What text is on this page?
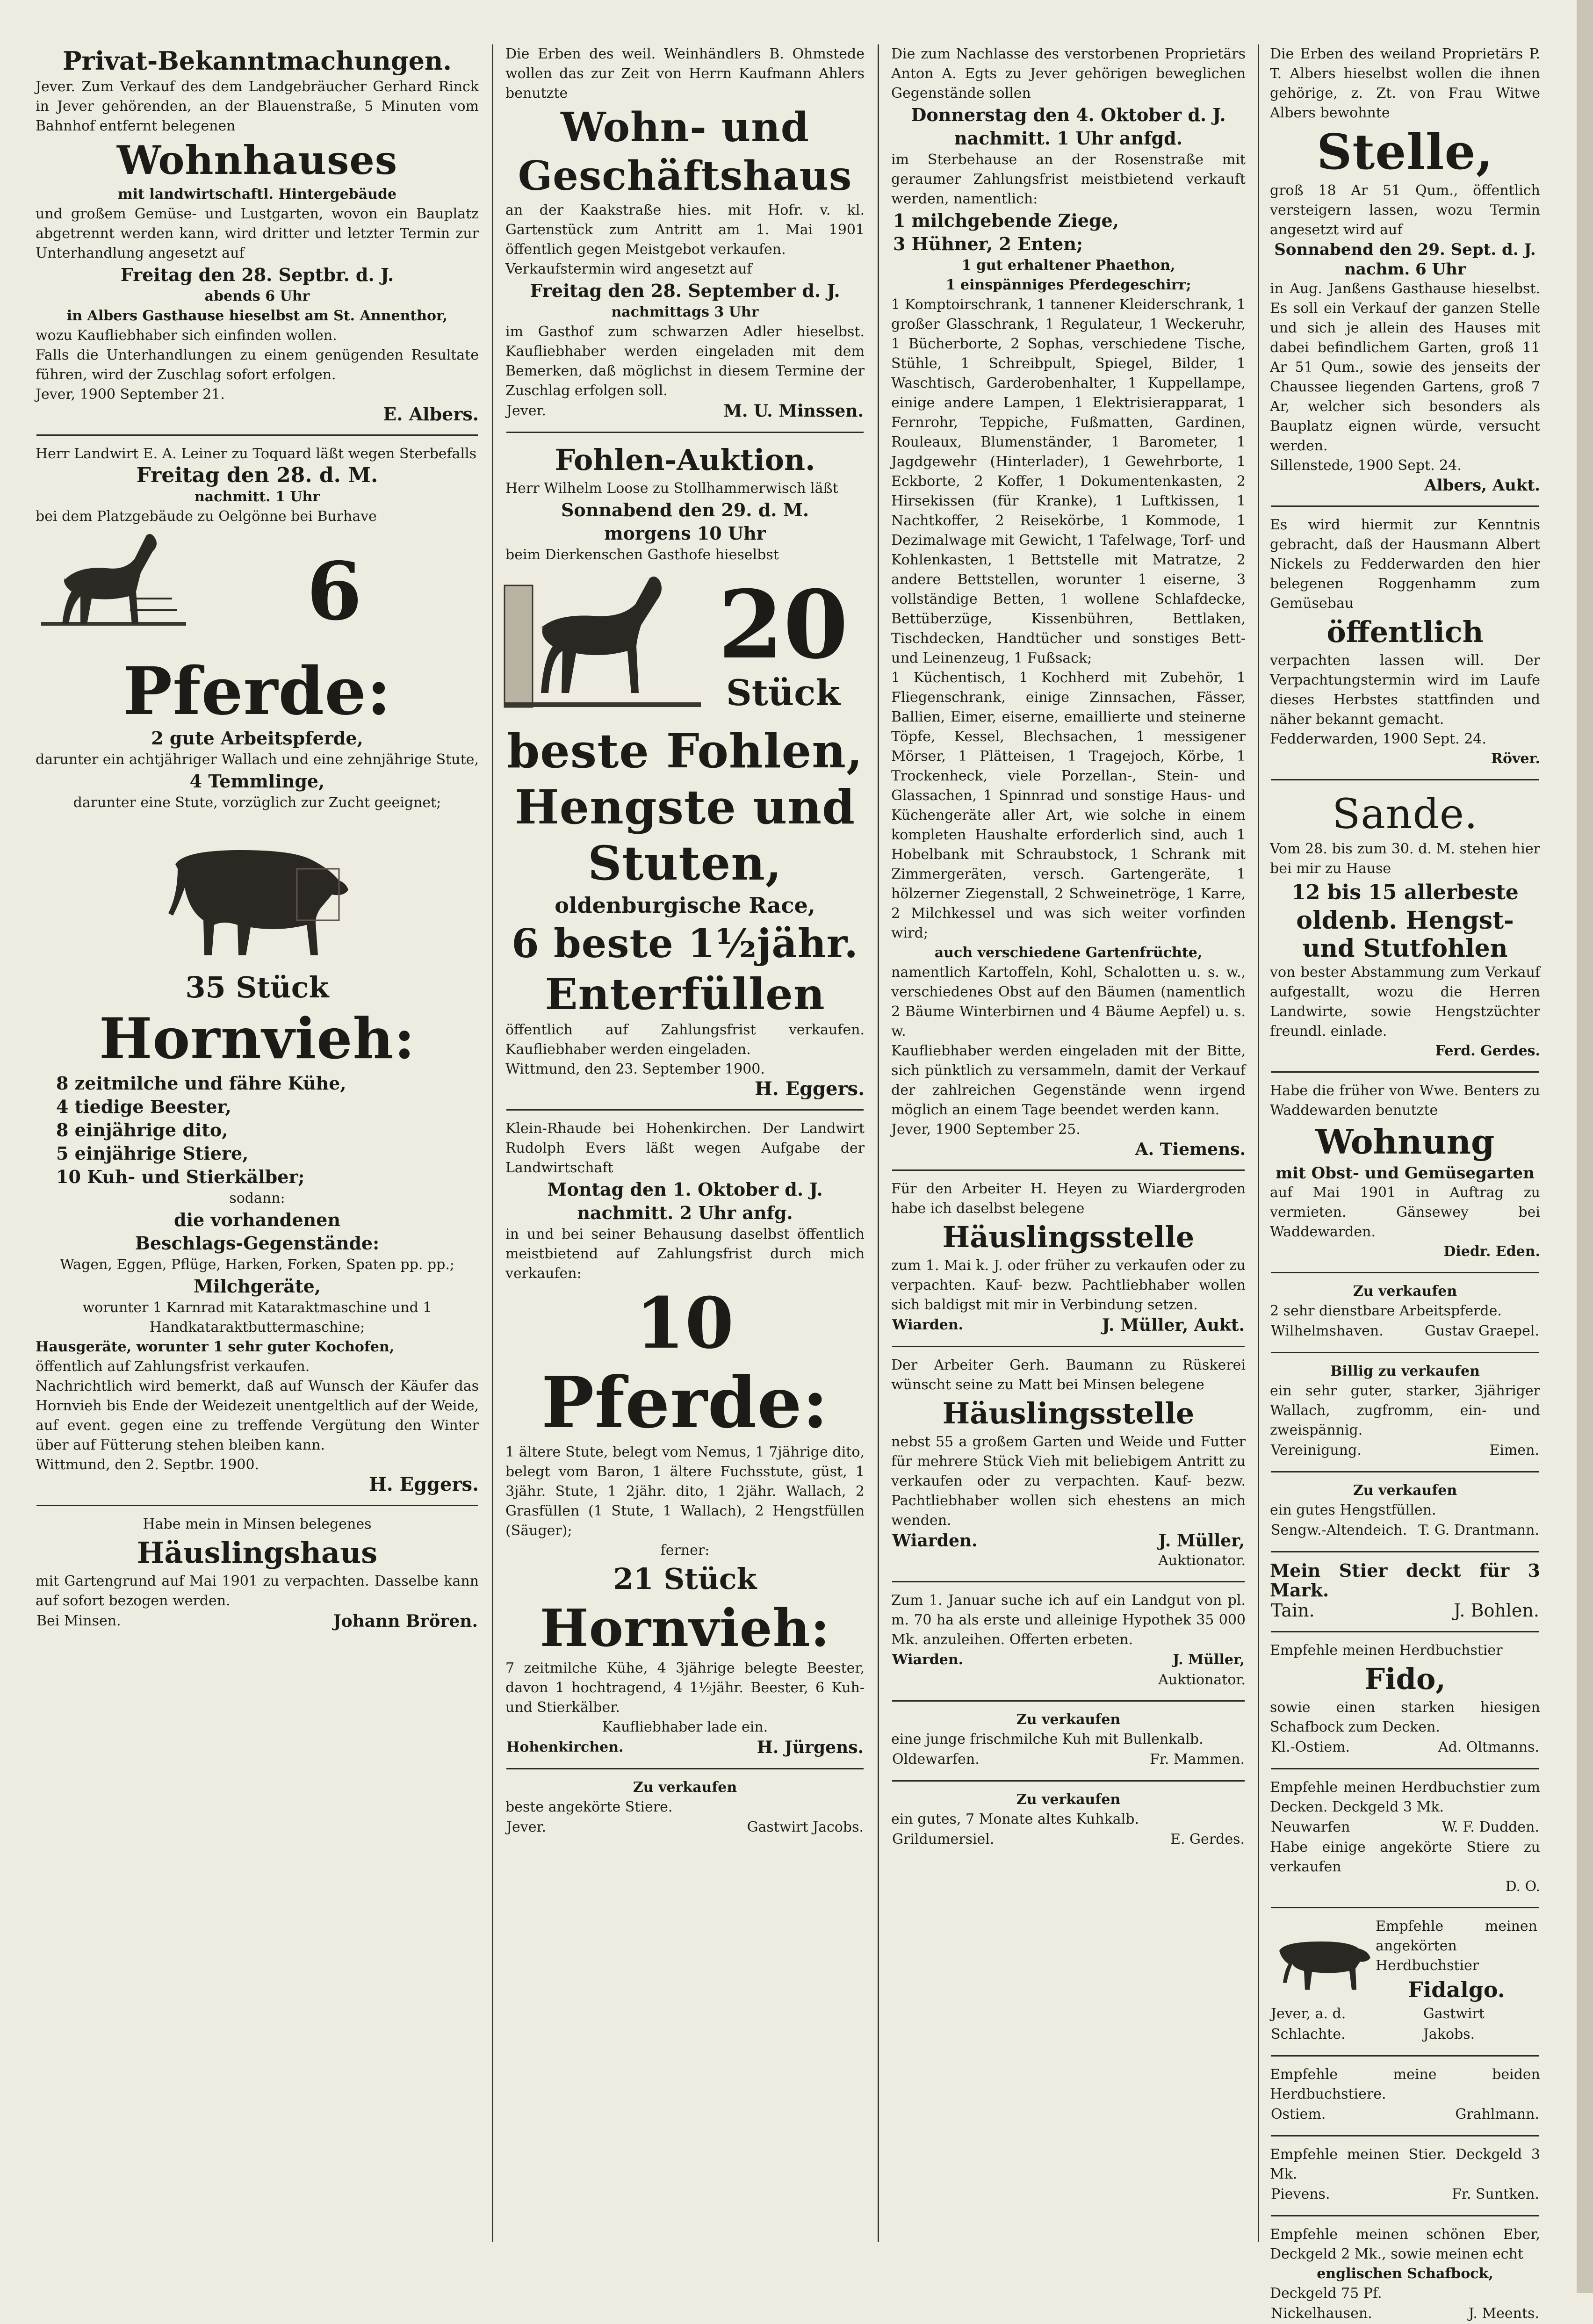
Privat-Bekanntmachungen.
Jever. Zum Verkauf des dem Landgebräucher Gerhard Rinck in Jever gehörenden, an der Blauenstraße, 5 Minuten vom Bahnhof entfernt belegenen
Wohnhauses
mit landwirtschaftl. Hintergebäude
und großem Gemüse- und Lustgarten, wovon ein Bauplatz abgetrennt werden kann, wird dritter und letzter Termin zur Unterhandlung angesetzt auf
Freitag den 28. Septbr. d. J.
abends 6 Uhr
in Albers Gasthause hieselbst am St. Annenthor,
wozu Kaufliebhaber sich einfinden wollen.
Falls die Unterhandlungen zu einem genügenden Resultate führen, wird der Zuschlag sofort erfolgen.
Jever, 1900 September 21.
E. Albers.
Herr Landwirt E. A. Leiner zu Toquard läßt wegen Sterbefalls
Freitag den 28. d. M.
nachmitt. 1 Uhr
bei dem Platzgebäude zu Oelgönne bei Burhave
6
Pferde:
2 gute Arbeitspferde,
darunter ein achtjähriger Wallach und eine zehnjährige Stute,
4 Temmlinge,
darunter eine Stute, vorzüglich zur Zucht geeignet;
35 Stück
Hornvieh:
8 zeitmilche und fähre Kühe,
4 tiedige Beester,
8 einjährige dito,
5 einjährige Stiere,
10 Kuh- und Stierkälber;
sodann:
die vorhandenen
Beschlags-Gegenstände:
Wagen, Eggen, Pflüge, Harken, Forken, Spaten pp. pp.;
Milchgeräte,
worunter 1 Karnrad mit Kataraktmaschine und 1 Handkataraktbuttermaschine;
Hausgeräte, worunter 1 sehr guter Kochofen,
öffentlich auf Zahlungsfrist verkaufen.
Nachrichtlich wird bemerkt, daß auf Wunsch der Käufer das Hornvieh bis Ende der Weidezeit unentgeltlich auf der Weide, auf event. gegen eine zu treffende Vergütung den Winter über auf Fütterung stehen bleiben kann.
Wittmund, den 2. Septbr. 1900.
H. Eggers.
Habe mein in Minsen belegenes
Häuslingshaus
mit Gartengrund auf Mai 1901 zu verpachten. Dasselbe kann auf sofort bezogen werden.
Bei Minsen.	Johann Brören.
Die Erben des weil. Weinhändlers B. Ohmstede wollen das zur Zeit von Herrn Kaufmann Ahlers benutzte
Wohn- und Geschäftshaus
an der Kaakstraße hies. mit Hofr. v. kl. Gartenstück zum Antritt am 1. Mai 1901 öffentlich gegen Meistgebot verkaufen.
Verkaufstermin wird angesetzt auf
Freitag den 28. September d. J.
nachmittags 3 Uhr
im Gasthof zum schwarzen Adler hieselbst. Kaufliebhaber werden eingeladen mit dem Bemerken, daß möglichst in diesem Termine der Zuschlag erfolgen soll.
Jever.	M. U. Minssen.
Fohlen-Auktion.
Herr Wilhelm Loose zu Stollhammerwisch läßt
Sonnabend den 29. d. M.
morgens 10 Uhr
beim Dierkenschen Gasthofe hieselbst
20
Stück
beste Fohlen,
Hengste und
Stuten,
oldenburgische Race,
6 beste 1½jähr.
Enterfüllen
öffentlich auf Zahlungsfrist verkaufen. Kaufliebhaber werden eingeladen.
Wittmund, den 23. September 1900.
H. Eggers.
Klein-Rhaude bei Hohenkirchen. Der Landwirt Rudolph Evers läßt wegen Aufgabe der Landwirtschaft
Montag den 1. Oktober d. J.
nachmitt. 2 Uhr anfg.
in und bei seiner Behausung daselbst öffentlich meistbietend auf Zahlungsfrist durch mich verkaufen:
10 Pferde:
1 ältere Stute, belegt vom Nemus, 1 7jährige dito, belegt vom Baron, 1 ältere Fuchsstute, güst, 1 3jähr. Stute, 1 2jähr. dito, 1 2jähr. Wallach, 2 Grasfüllen (1 Stute, 1 Wallach), 2 Hengstfüllen (Säuger);
ferner:
21 Stück
Hornvieh:
7 zeitmilche Kühe, 4 3jährige belegte Beester, davon 1 hochtragend, 4 1½jähr. Beester, 6 Kuh- und Stierkälber.
Kaufliebhaber lade ein.
Hohenkirchen.	H. Jürgens.
Zu verkaufen
beste angekörte Stiere.
Jever.	Gastwirt Jacobs.
Die zum Nachlasse des verstorbenen Proprietärs Anton A. Egts zu Jever gehörigen beweglichen Gegenstände sollen
Donnerstag den 4. Oktober d. J.
nachmitt. 1 Uhr anfgd.
im Sterbehause an der Rosenstraße mit geraumer Zahlungsfrist meistbietend verkauft werden, namentlich:
1 milchgebende Ziege,
3 Hühner, 2 Enten;
1 gut erhaltener Phaethon,
1 einspänniges Pferdegeschirr;
1 Komptoirschrank, 1 tannener Kleiderschrank, 1 großer Glasschrank, 1 Regulateur, 1 Weckeruhr, 1 Bücherborte, 2 Sophas, verschiedene Tische, Stühle, 1 Schreibpult, Spiegel, Bilder, 1 Waschtisch, Garderobenhalter, 1 Kuppellampe, einige andere Lampen, 1 Elektrisierapparat, 1 Fernrohr, Teppiche, Fußmatten, Gardinen, Rouleaux, Blumenständer, 1 Barometer, 1 Jagdgewehr (Hinterlader), 1 Gewehrborte, 1 Eckborte, 2 Koffer, 1 Dokumentenkasten, 2 Hirsekissen (für Kranke), 1 Luftkissen, 1 Nachtkoffer, 2 Reisekörbe, 1 Kommode, 1 Dezimalwage mit Gewicht, 1 Tafelwage, Torf- und Kohlenkasten, 1 Bettstelle mit Matratze, 2 andere Bettstellen, worunter 1 eiserne, 3 vollständige Betten, 1 wollene Schlafdecke, Bettüberzüge, Kissenbühren, Bettlaken, Tischdecken, Handtücher und sonstiges Bett- und Leinenzeug, 1 Fußsack;
1 Küchentisch, 1 Kochherd mit Zubehör, 1 Fliegenschrank, einige Zinnsachen, Fässer, Ballien, Eimer, eiserne, emaillierte und steinerne Töpfe, Kessel, Blechsachen, 1 messigener Mörser, 1 Plätteisen, 1 Tragejoch, Körbe, 1 Trockenheck, viele Porzellan-, Stein- und Glassachen, 1 Spinnrad und sonstige Haus- und Küchengeräte aller Art, wie solche in einem kompleten Haushalte erforderlich sind, auch 1 Hobelbank mit Schraubstock, 1 Schrank mit Zimmergeräten, versch. Gartengeräte, 1 hölzerner Ziegenstall, 2 Schweinetröge, 1 Karre, 2 Milchkessel und was sich weiter vorfinden wird;
auch verschiedene Gartenfrüchte,
namentlich Kartoffeln, Kohl, Schalotten u. s. w., verschiedenes Obst auf den Bäumen (namentlich 2 Bäume Winterbirnen und 4 Bäume Aepfel) u. s. w.
Kaufliebhaber werden eingeladen mit der Bitte, sich pünktlich zu versammeln, damit der Verkauf der zahlreichen Gegenstände wenn irgend möglich an einem Tage beendet werden kann.
Jever, 1900 September 25.
A. Tiemens.
Für den Arbeiter H. Heyen zu Wiardergroden habe ich daselbst belegene
Häuslingsstelle
zum 1. Mai k. J. oder früher zu verkaufen oder zu verpachten. Kauf- bezw. Pachtliebhaber wollen sich baldigst mit mir in Verbindung setzen.
Wiarden.	J. Müller, Aukt.
Der Arbeiter Gerh. Baumann zu Rüskerei wünscht seine zu Matt bei Minsen belegene
Häuslingsstelle
nebst 55 a großem Garten und Weide und Futter für mehrere Stück Vieh mit beliebigem Antritt zu verkaufen oder zu verpachten. Kauf- bezw. Pachtliebhaber wollen sich ehestens an mich wenden.
Wiarden.	J. Müller,
Auktionator.
Zum 1. Januar suche ich auf ein Landgut von pl. m. 70 ha als erste und alleinige Hypothek 35 000 Mk. anzuleihen. Offerten erbeten.
Wiarden.	J. Müller,
Auktionator.
Zu verkaufen
eine junge frischmilche Kuh mit Bullenkalb.
Oldewarfen.	Fr. Mammen.
Zu verkaufen
ein gutes, 7 Monate altes Kuhkalb.
Grildumersiel.	E. Gerdes.
Die Erben des weiland Proprietärs P. T. Albers hieselbst wollen die ihnen gehörige, z. Zt. von Frau Witwe Albers bewohnte
Stelle,
groß 18 Ar 51 Qum., öffentlich versteigern lassen, wozu Termin angesetzt wird auf
Sonnabend den 29. Sept. d. J.
nachm. 6 Uhr
in Aug. Janßens Gasthause hieselbst. Es soll ein Verkauf der ganzen Stelle und sich je allein des Hauses mit dabei befindlichem Garten, groß 11 Ar 51 Qum., sowie des jenseits der Chaussee liegenden Gartens, groß 7 Ar, welcher sich besonders als Bauplatz eignen würde, versucht werden.
Sillenstede, 1900 Sept. 24.
Albers, Aukt.
Es wird hiermit zur Kenntnis gebracht, daß der Hausmann Albert Nickels zu Fedderwarden den hier belegenen Roggenhamm zum Gemüsebau
öffentlich
verpachten lassen will. Der Verpachtungstermin wird im Laufe dieses Herbstes stattfinden und näher bekannt gemacht.
Fedderwarden, 1900 Sept. 24.
Röver.
Sande.
Vom 28. bis zum 30. d. M. stehen hier bei mir zu Hause
12 bis 15 allerbeste
oldenb. Hengst-
und Stutfohlen
von bester Abstammung zum Verkauf aufgestallt, wozu die Herren Landwirte, sowie Hengstzüchter freundl. einlade.
Ferd. Gerdes.
Habe die früher von Wwe. Benters zu Waddewarden benutzte
Wohnung
mit Obst- und Gemüsegarten
auf Mai 1901 in Auftrag zu vermieten. Gänsewey bei Waddewarden.
Diedr. Eden.
Zu verkaufen
2 sehr dienstbare Arbeitspferde.
Wilhelmshaven.	Gustav Graepel.
Billig zu verkaufen
ein sehr guter, starker, 3jähriger Wallach, zugfromm, ein- und zweispännig.
Vereinigung.	Eimen.
Zu verkaufen
ein gutes Hengstfüllen.
Sengw.-Altendeich. T. G. Drantmann.
Mein Stier deckt für 3 Mark.
Tain.	J. Bohlen.
Empfehle meinen Herdbuchstier
Fido,
sowie einen starken hiesigen Schafbock zum Decken.
Kl.-Ostiem.	Ad. Oltmanns.
Empfehle meinen Herdbuchstier zum Decken. Deckgeld 3 Mk.
Neuwarfen	W. F. Dudden.
Habe einige angekörte Stiere zu verkaufen
D. O.
Empfehle meinen angekörten Herdbuchstier
Fidalgo.
Jever, a. d. Schlachte.
Gastwirt Jakobs.
Empfehle meine beiden Herdbuchstiere.
Ostiem.	Grahlmann.
Empfehle meinen Stier. Deckgeld 3 Mk.
Pievens.	Fr. Suntken.
Empfehle meinen schönen Eber, Deckgeld 2 Mk., sowie meinen echt
englischen Schafbock,
Deckgeld 75 Pf.
Nickelhausen.	J. Meents.
